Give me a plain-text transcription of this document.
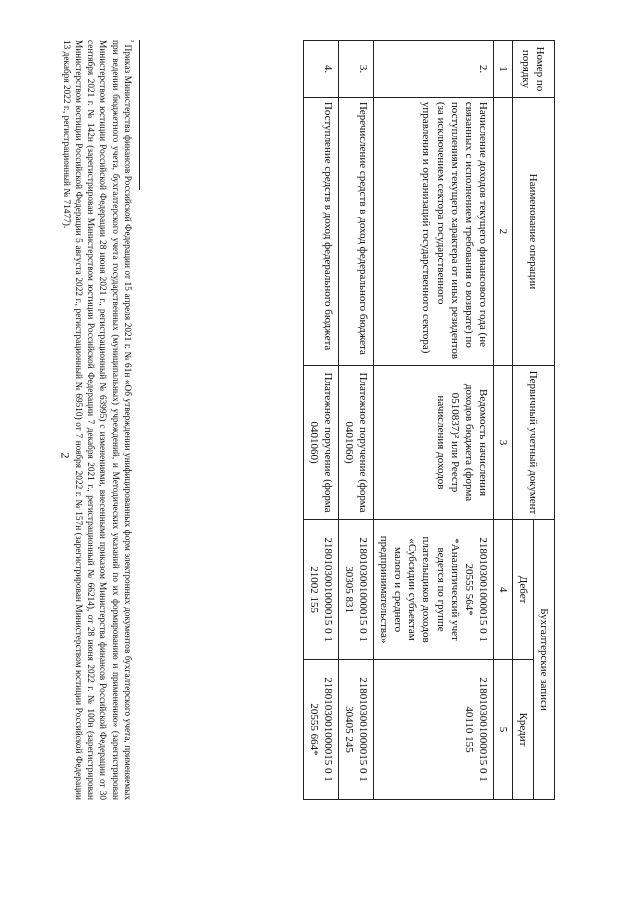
2
Номер по порядку	Наименование операции	Первичный учетный документ	Бухгалтерские записи	
			Дебет	Кредит
1	2	3	4	5
2.	Начисление доходов текущего финансового года (не связанных с исполнением требования о возврате) по поступлениям текущего характера от иных резидентов (за исключением сектора государственного управления и организаций государственного сектора)	Ведомость начисления доходов бюджета (форма 0510837)² или Реестр начисления доходов	2180103001000015 0 1 20555 564* *Аналитический учет ведется по группе плательщиков доходов «Субсидии субъектам малого и среднего предпринимательства»	2180103001000015 0 1 40110 155
3.	Перечисление средств в доход федерального бюджета	Платежное поручение (форма 0401060)	2180103001000015 0 1 30305 831	2180103001000015 0 1 30405 245
4.	Поступление средств в доход федерального бюджета	Платежное поручение (форма 0401060)	2180103001000015 0 1 21002 155	2180103001000015 0 1 20555 664*
$^{^2}$ Приказ Министерства финансов Российской Федерации от 15 апреля 2021 г. № 61н «Об утверждении унифицированных форм электронных документов бухгалтерского учета, применяемых при ведении бюджетного учета, бухгалтерского учета государственных (муниципальных) учреждений, и Методических указаний по их формированию и применению» (зарегистрирован Министерством юстиции Российской Федерации 28 июня 2021 г., регистрационный № 63995) с изменениями, внесенными приказом Министерства финансов Российской Федерации от 30 сентября 2021 г. № 142н (зарегистрирован Министерством юстиции Российской Федерации 7 декабря 2021 г., регистрационный № 66214), от 28 июня 2022 г. № 100н (зарегистрирован Министерством юстиции Российской Федерации 5 августа 2022 г., регистрационный № 69510) от 7 ноября 2022 г. № 157н (зарегистрирован Министерством юстиции Российской Федерации 13 декабря 2022 г., регистрационный № 71477).
